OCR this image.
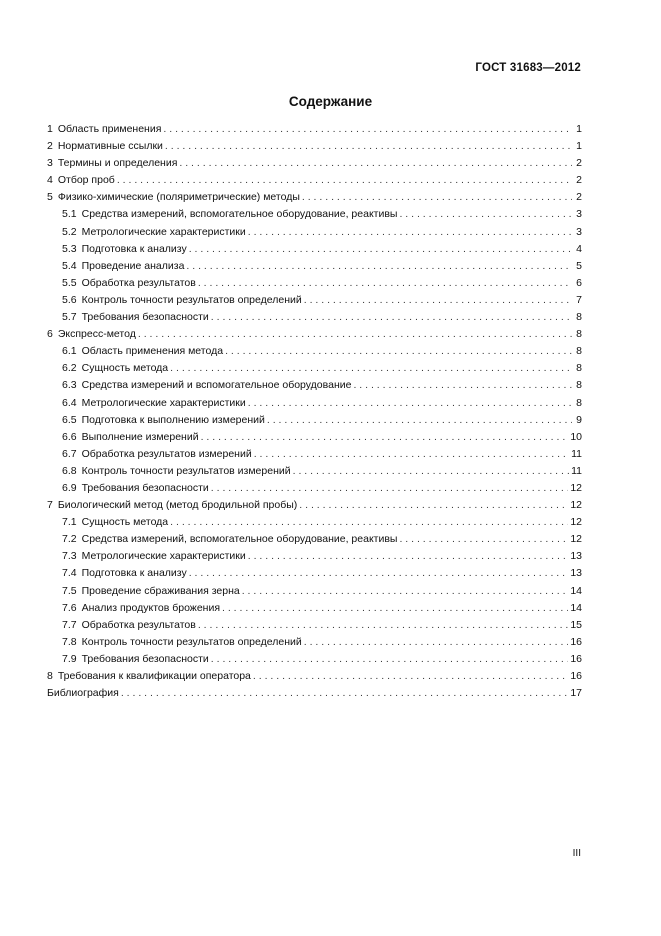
ГОСТ 31683—2012
Содержание
1 Область применения . . .	1
2 Нормативные ссылки . . .	1
3 Термины и определения . . .	2
4 Отбор проб . . .	2
5 Физико-химические (поляриметрические) методы . . .	2
5.1 Средства измерений, вспомогательное оборудование, реактивы . . .	3
5.2 Метрологические характеристики . . .	3
5.3 Подготовка к анализу . . .	4
5.4 Проведение анализа . . .	5
5.5 Обработка результатов . . .	6
5.6 Контроль точности результатов определений . . .	7
5.7 Требования безопасности . . .	8
6 Экспресс-метод . . .	8
6.1 Область применения метода . . .	8
6.2 Сущность метода . . .	8
6.3 Средства измерений и вспомогательное оборудование . . .	8
6.4 Метрологические характеристики . . .	8
6.5 Подготовка к выполнению измерений . . .	9
6.6 Выполнение измерений . . .	10
6.7 Обработка результатов измерений . . .	11
6.8 Контроль точности результатов измерений . . .	11
6.9 Требования безопасности . . .	12
7 Биологический метод (метод бродильной пробы) . . .	12
7.1 Сущность метода . . .	12
7.2 Средства измерений, вспомогательное оборудование, реактивы . . .	12
7.3 Метрологические характеристики . . .	13
7.4 Подготовка к анализу . . .	13
7.5 Проведение сбраживания зерна . . .	14
7.6 Анализ продуктов брожения . . .	14
7.7 Обработка результатов . . .	15
7.8 Контроль точности результатов определений . . .	16
7.9 Требования безопасности . . .	16
8 Требования к квалификации оператора . . .	16
Библиография . . .	17
III
